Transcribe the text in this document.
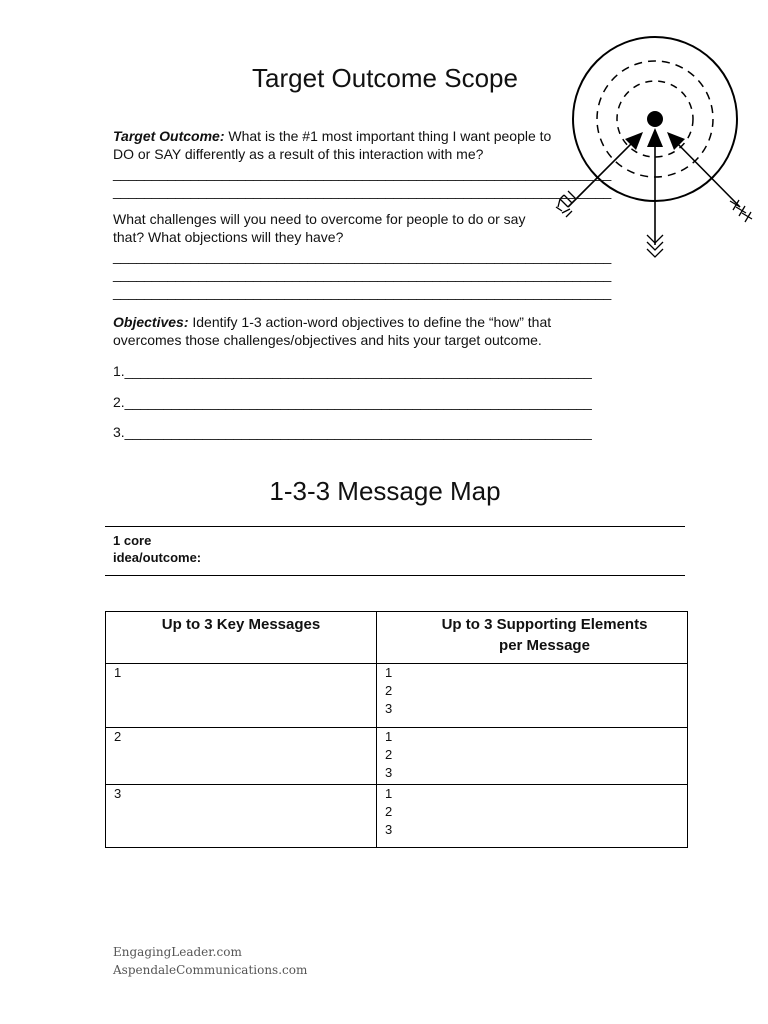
Target Outcome Scope
Target Outcome: What is the #1 most important thing I want people to DO or SAY differently as a result of this interaction with me?
________________________________________________________________
________________________________________________________________
What challenges will you need to overcome for people to do or say that? What objections will they have?
________________________________________________________________
________________________________________________________________
________________________________________________________________
Objectives: Identify 1-3 action-word objectives to define the “how” that overcomes those challenges/objectives and hits your target outcome.
1.____________________________________________________________
2.____________________________________________________________
3.____________________________________________________________
1-3-3 Message Map
1 core idea/outcome:
Up to 3 Key Messages	Up to 3 Supporting Elements per Message
1	1
2
3

2	1
2
3

3	1
2
3
EngagingLeader.com
AspendaleCommunications.com
